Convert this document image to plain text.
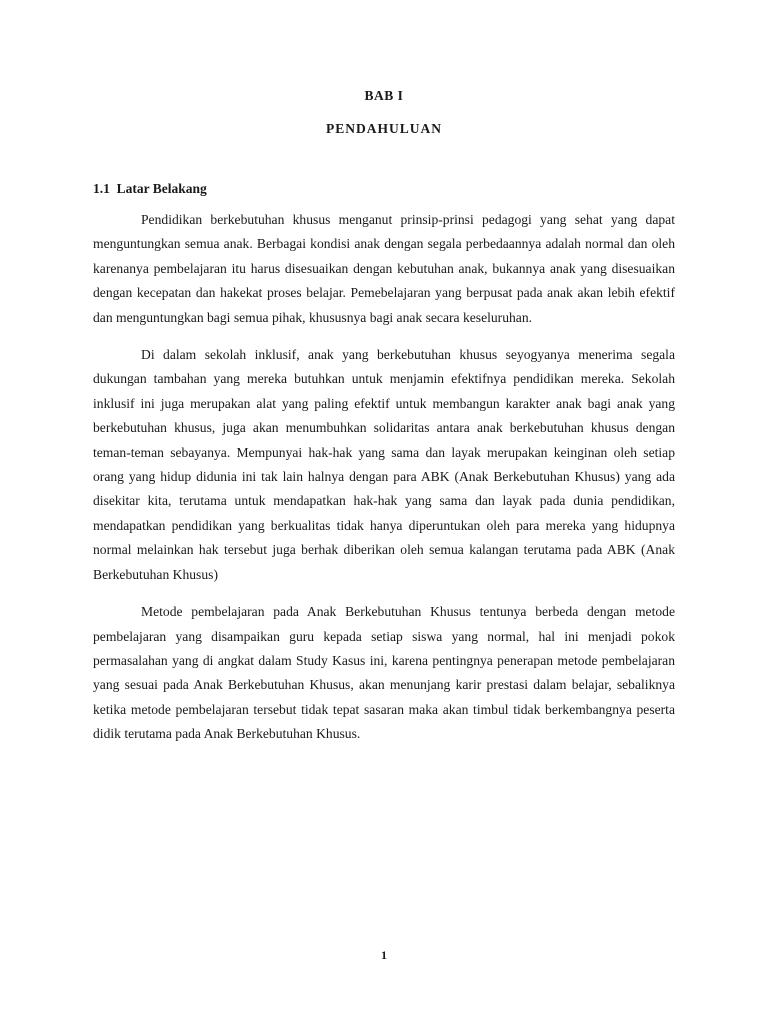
BAB I
PENDAHULUAN
1.1  Latar Belakang

Pendidikan berkebutuhan khusus menganut prinsip-prinsi pedagogi yang sehat yang dapat menguntungkan semua anak. Berbagai kondisi anak dengan segala perbedaannya adalah normal dan oleh karenanya pembelajaran itu harus disesuaikan dengan kebutuhan anak, bukannya anak yang disesuaikan dengan kecepatan dan hakekat proses belajar. Pemebelajaran yang berpusat pada anak akan lebih efektif dan menguntungkan bagi semua pihak, khususnya bagi anak secara keseluruhan.

Di dalam sekolah inklusif, anak yang berkebutuhan khusus seyogyanya menerima segala dukungan tambahan yang mereka butuhkan untuk menjamin efektifnya pendidikan mereka. Sekolah inklusif ini juga merupakan alat yang paling efektif untuk membangun karakter anak bagi anak yang berkebutuhan khusus, juga akan menumbuhkan solidaritas antara anak berkebutuhan khusus dengan teman-teman sebayanya. Mempunyai hak-hak yang sama dan layak merupakan keinginan oleh setiap orang yang hidup didunia ini tak lain halnya dengan para ABK (Anak Berkebutuhan Khusus) yang ada disekitar kita, terutama untuk mendapatkan hak-hak yang sama dan layak pada dunia pendidikan, mendapatkan pendidikan yang berkualitas tidak hanya diperuntukan oleh para mereka yang hidupnya normal melainkan hak tersebut juga berhak diberikan oleh semua kalangan terutama pada ABK (Anak Berkebutuhan Khusus)

Metode pembelajaran pada Anak Berkebutuhan Khusus tentunya berbeda dengan metode pembelajaran yang disampaikan guru kepada setiap siswa yang normal, hal ini menjadi pokok permasalahan yang di angkat dalam Study Kasus ini, karena pentingnya penerapan metode pembelajaran yang sesuai pada Anak Berkebutuhan Khusus, akan menunjang karir prestasi dalam belajar, sebaliknya ketika metode pembelajaran tersebut tidak tepat sasaran maka akan timbul tidak berkembangnya peserta didik terutama pada Anak Berkebutuhan Khusus.

1
